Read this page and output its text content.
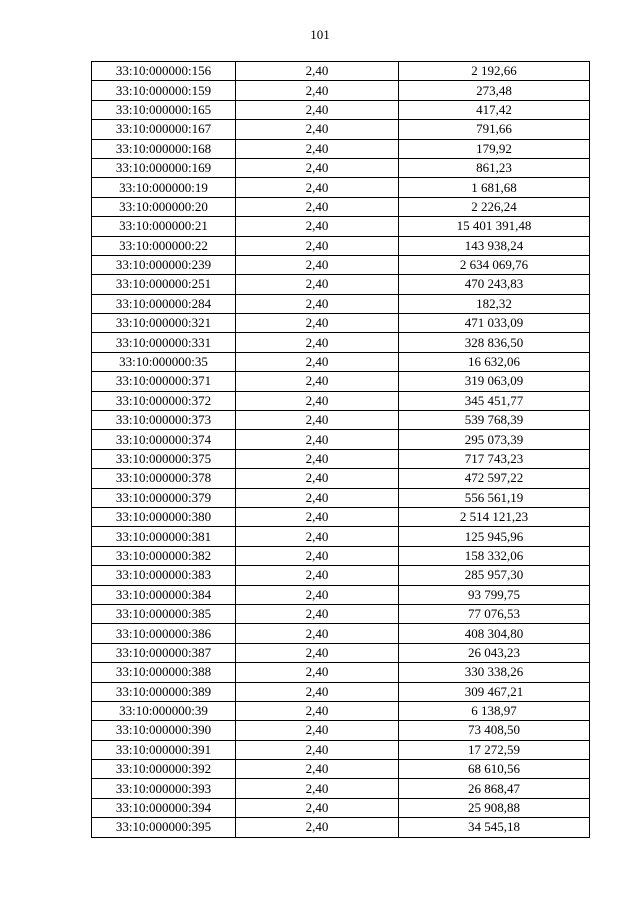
101
33:10:000000:156	2,40	2 192,66
33:10:000000:159	2,40	273,48
33:10:000000:165	2,40	417,42
33:10:000000:167	2,40	791,66
33:10:000000:168	2,40	179,92
33:10:000000:169	2,40	861,23
33:10:000000:19	2,40	1 681,68
33:10:000000:20	2,40	2 226,24
33:10:000000:21	2,40	15 401 391,48
33:10:000000:22	2,40	143 938,24
33:10:000000:239	2,40	2 634 069,76
33:10:000000:251	2,40	470 243,83
33:10:000000:284	2,40	182,32
33:10:000000:321	2,40	471 033,09
33:10:000000:331	2,40	328 836,50
33:10:000000:35	2,40	16 632,06
33:10:000000:371	2,40	319 063,09
33:10:000000:372	2,40	345 451,77
33:10:000000:373	2,40	539 768,39
33:10:000000:374	2,40	295 073,39
33:10:000000:375	2,40	717 743,23
33:10:000000:378	2,40	472 597,22
33:10:000000:379	2,40	556 561,19
33:10:000000:380	2,40	2 514 121,23
33:10:000000:381	2,40	125 945,96
33:10:000000:382	2,40	158 332,06
33:10:000000:383	2,40	285 957,30
33:10:000000:384	2,40	93 799,75
33:10:000000:385	2,40	77 076,53
33:10:000000:386	2,40	408 304,80
33:10:000000:387	2,40	26 043,23
33:10:000000:388	2,40	330 338,26
33:10:000000:389	2,40	309 467,21
33:10:000000:39	2,40	6 138,97
33:10:000000:390	2,40	73 408,50
33:10:000000:391	2,40	17 272,59
33:10:000000:392	2,40	68 610,56
33:10:000000:393	2,40	26 868,47
33:10:000000:394	2,40	25 908,88
33:10:000000:395	2,40	34 545,18
